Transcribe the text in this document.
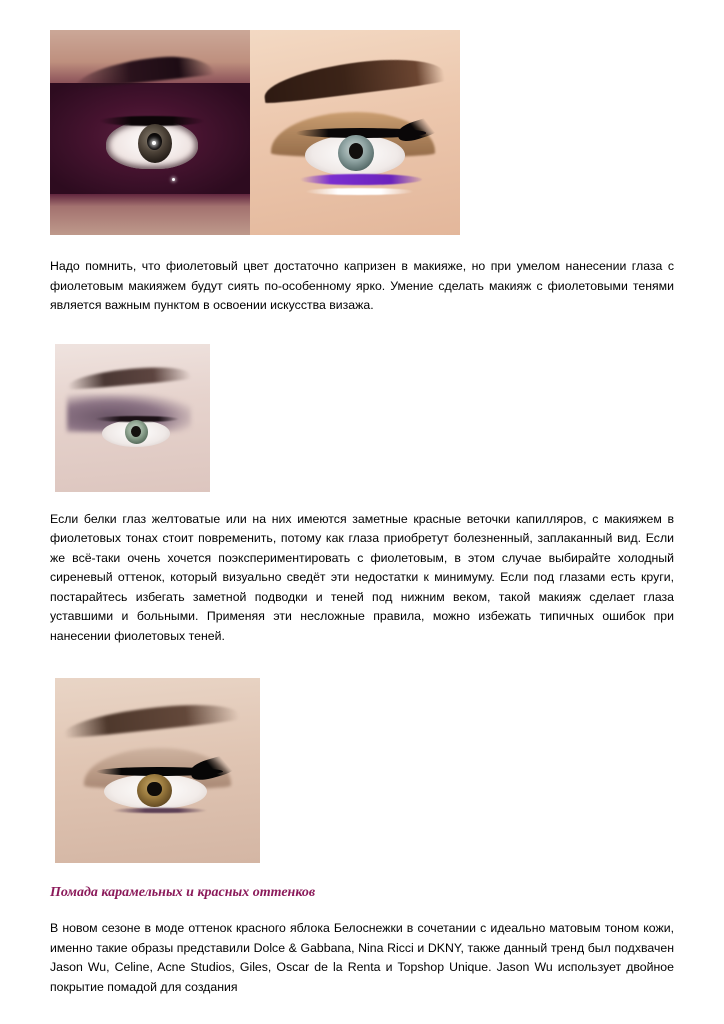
Надо помнить, что фиолетовый цвет достаточно капризен в макияже, но при умелом нанесении глаза с фиолетовым макияжем будут сиять по-особенному ярко. Умение сделать макияж с фиолетовыми тенями является важным пунктом в освоении искусства визажа.

Если белки глаз желтоватые или на них имеются заметные красные веточки капилляров, с макияжем в фиолетовых тонах стоит повременить, потому как глаза приобретут болезненный, заплаканный вид. Если же всё-таки очень хочется поэкспериментировать с фиолетовым, в этом случае выбирайте холодный сиреневый оттенок, который визуально сведёт эти недостатки к минимуму. Если под глазами есть круги, постарайтесь избегать заметной подводки и теней под нижним веком, такой макияж сделает глаза уставшими и больными. Применяя эти несложные правила, можно избежать типичных ошибок при нанесении фиолетовых теней.

Помада карамельных и красных оттенков

В новом сезоне в моде оттенок красного яблока Белоснежки в сочетании с идеально матовым тоном кожи, именно такие образы представили Dolce & Gabbana, Nina Ricci и DKNY, также данный тренд был подхвачен Jason Wu, Celine, Acne Studios, Giles, Oscar de la Renta и Topshop Unique. Jason Wu использует двойное покрытие помадой для создания
